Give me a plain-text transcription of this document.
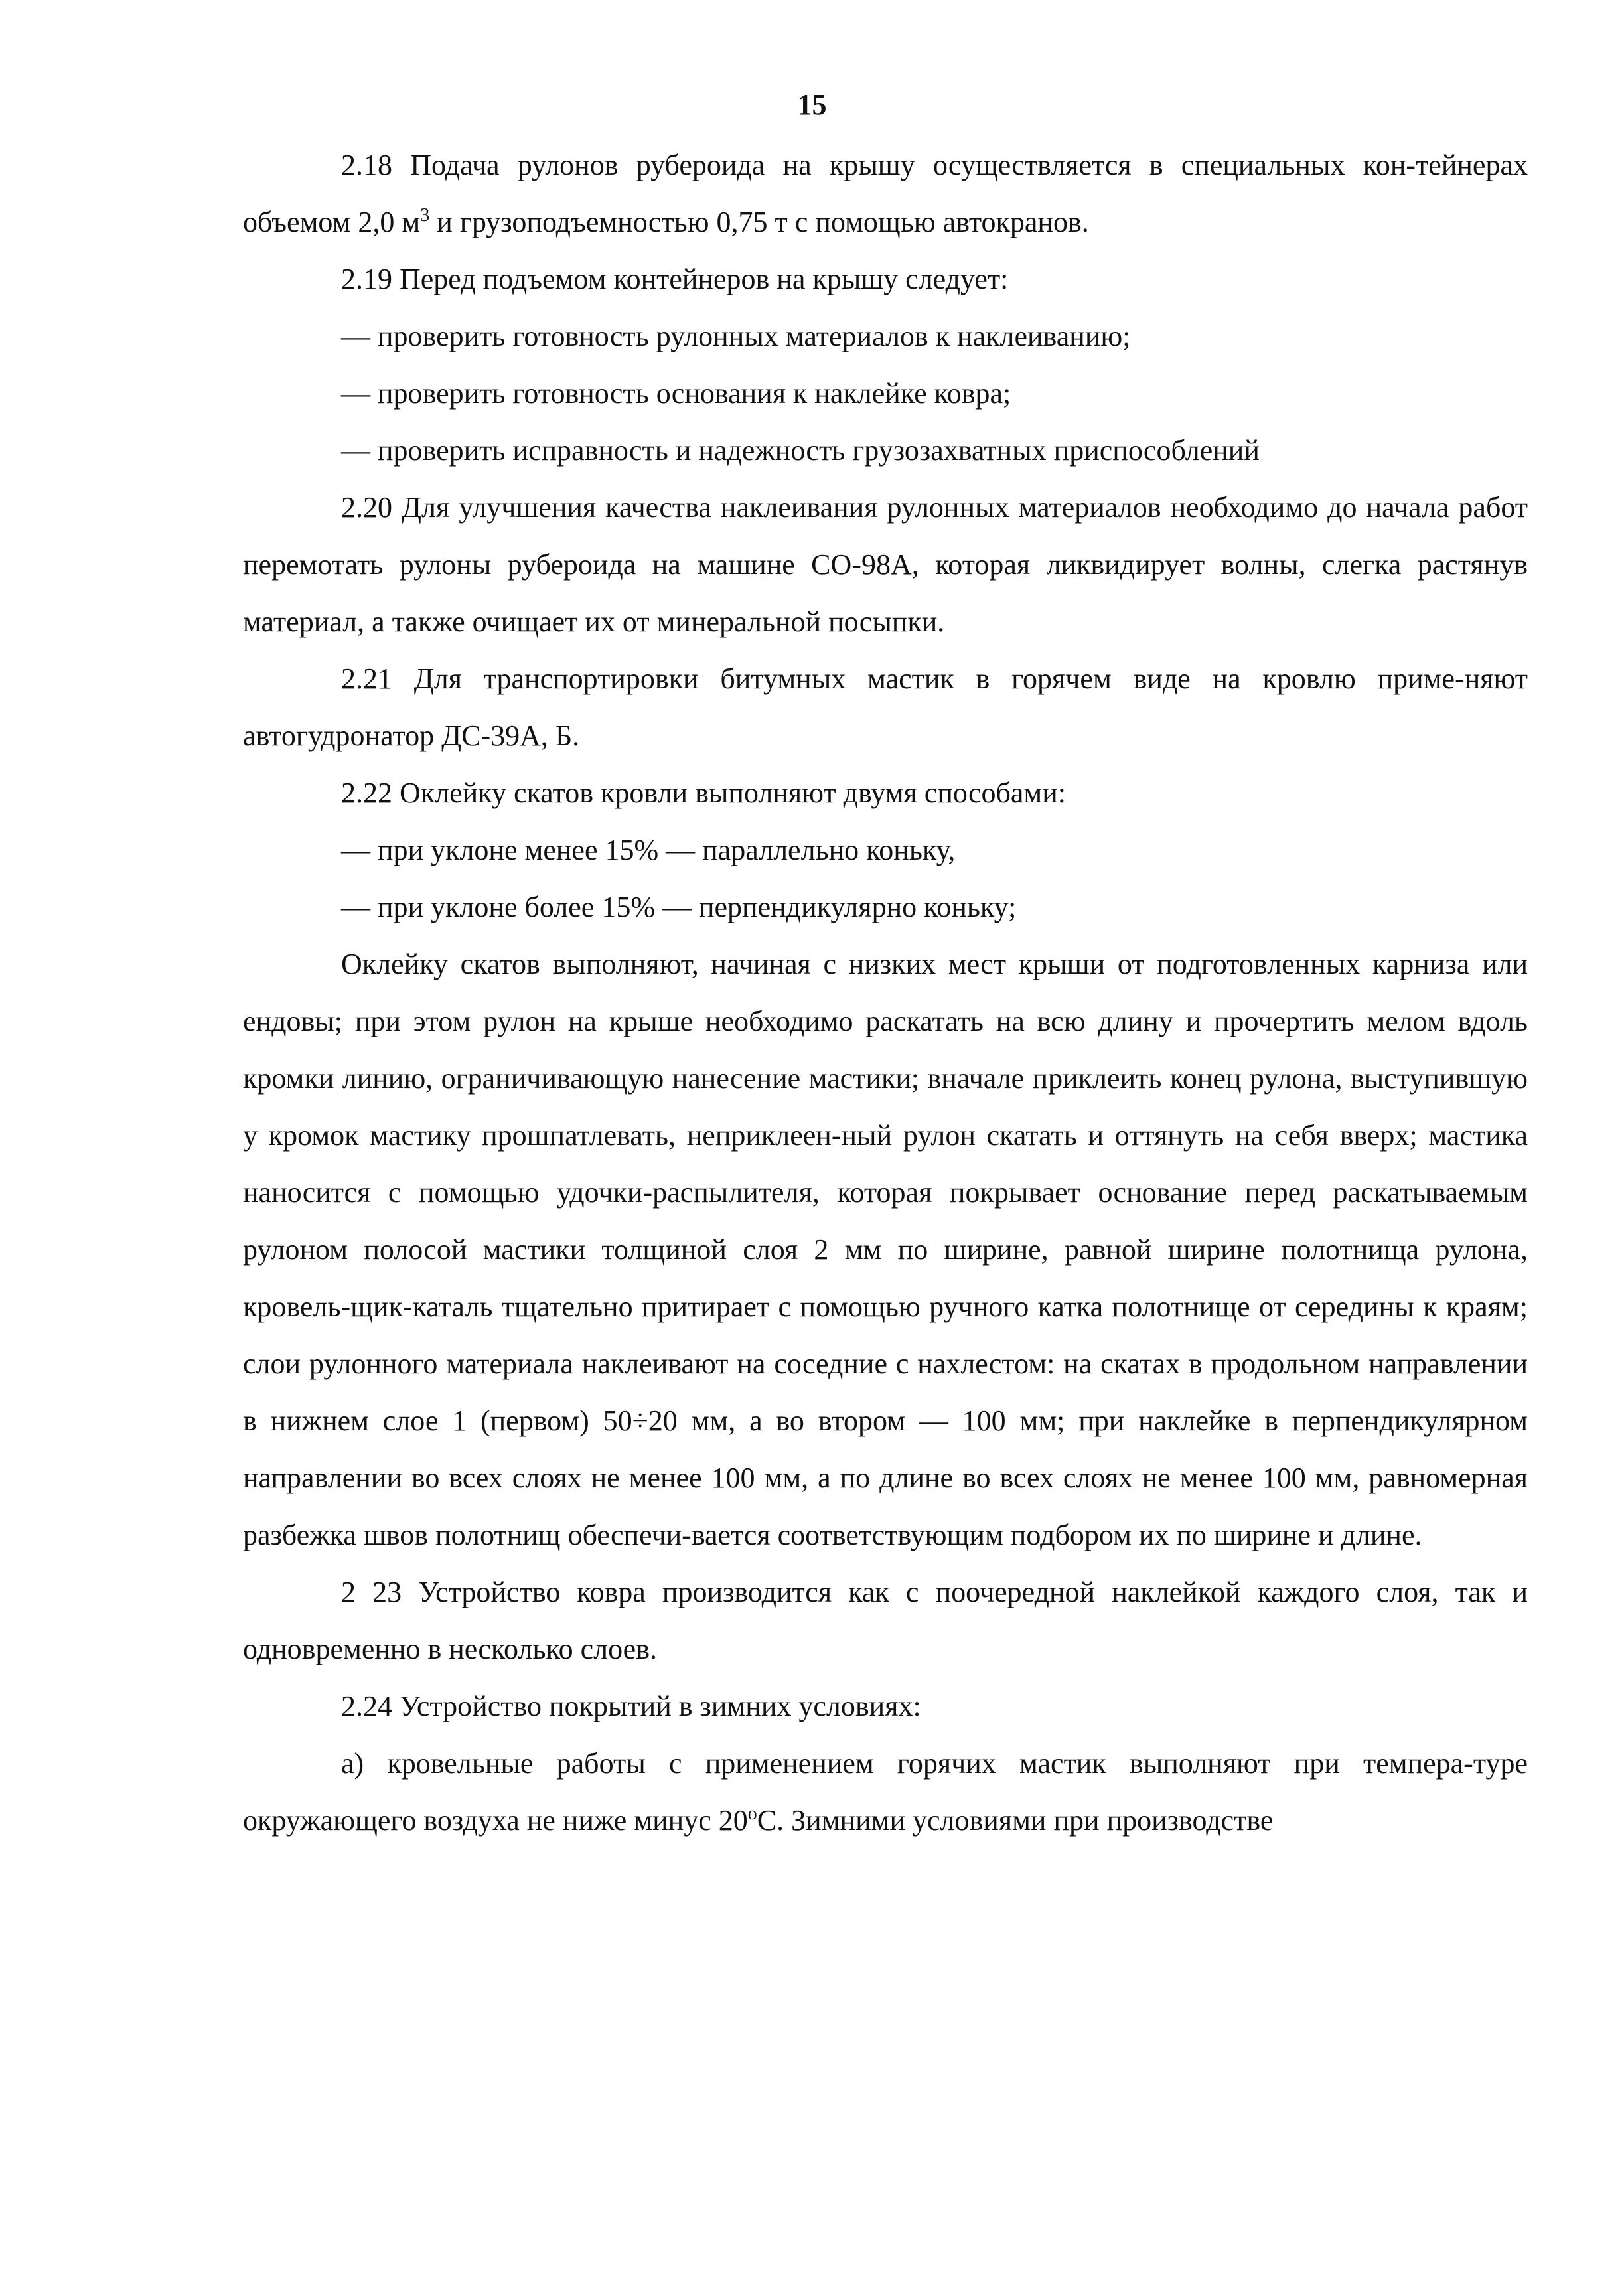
15

2.18 Подача рулонов рубероида на крышу осуществляется в специальных кон-тейнерах объемом 2,0 $м^3$ и грузоподъемностью 0,75 т с помощью автокранов.

2.19 Перед подъемом контейнеров на крышу следует:

— проверить готовность рулонных материалов к наклеиванию;

— проверить готовность основания к наклейке ковра;

— проверить исправность и надежность грузозахватных приспособлений

2.20 Для улучшения качества наклеивания рулонных материалов необходимо до начала работ перемотать рулоны рубероида на машине СО-98А, которая ликвидирует волны, слегка растянув материал, а также очищает их от минеральной посыпки.

2.21 Для транспортировки битумных мастик в горячем виде на кровлю приме-няют автогудронатор ДС-39А, Б.

2.22 Оклейку скатов кровли выполняют двумя способами:

— при уклоне менее 15% — параллельно коньку,

— при уклоне более 15% — перпендикулярно коньку;

Оклейку скатов выполняют, начиная с низких мест крыши от подготовленных карниза или ендовы; при этом рулон на крыше необходимо раскатать на всю длину и прочертить мелом вдоль кромки линию, ограничивающую нанесение мастики; вначале приклеить конец рулона, выступившую у кромок мастику прошпатлевать, неприклеен-ный рулон скатать и оттянуть на себя вверх; мастика наносится с помощью удочки-распылителя, которая покрывает основание перед раскатываемым рулоном полосой мастики толщиной слоя 2 мм по ширине, равной ширине полотнища рулона, кровель-щик-каталь тщательно притирает с помощью ручного катка полотнище от середины к краям; слои рулонного материала наклеивают на соседние с нахлестом: на скатах в продольном направлении в нижнем слое 1 (первом) 50÷20 мм, а во втором — 100 мм; при наклейке в перпендикулярном направлении во всех слоях не менее 100 мм, а по длине во всех слоях не менее 100 мм, равномерная разбежка швов полотнищ обеспечи-вается соответствующим подбором их по ширине и длине.

2 23 Устройство ковра производится как с поочередной наклейкой каждого слоя, так и одновременно в несколько слоев.

2.24 Устройство покрытий в зимних условиях:

а) кровельные работы с применением горячих мастик выполняют при темпера-туре окружающего воздуха не ниже минус $20^оС$. Зимними условиями при производстве
